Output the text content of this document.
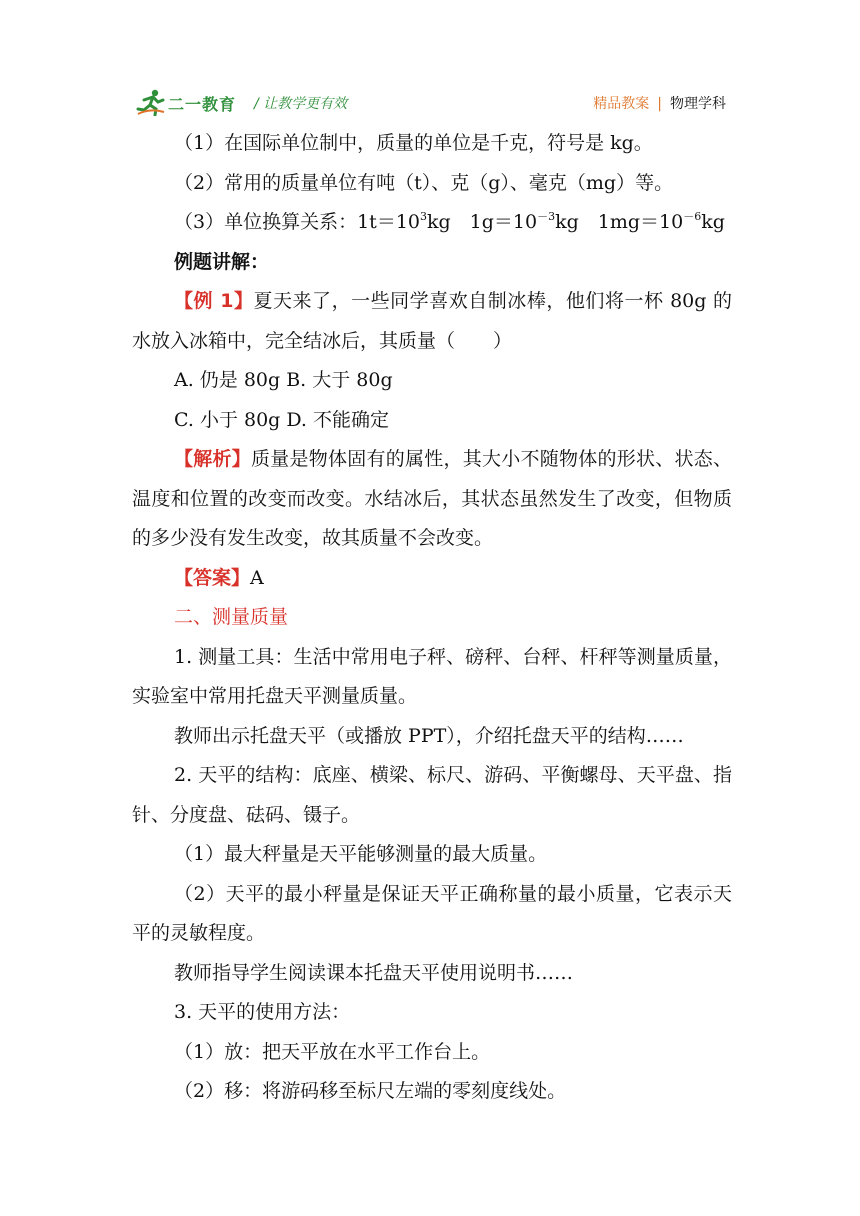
二一教育 / 让教学更有效	精品教案 | 物理学科

（1）在国际单位制中，质量的单位是千克，符号是 kg。

（2）常用的质量单位有吨（t）、克（g）、毫克（mg）等。

（3）单位换算关系：$1t=10^3kg$　$1g=10^{-3}kg$　$1mg=10^{-6}kg$

例题讲解：

【例 1】夏天来了，一些同学喜欢自制冰棒，他们将一杯 80g 的水放入冰箱中，完全结冰后，其质量（　　）

A. 仍是 80g B. 大于 80g

C. 小于 80g D. 不能确定

【解析】质量是物体固有的属性，其大小不随物体的形状、状态、温度和位置的改变而改变。水结冰后，其状态虽然发生了改变，但物质的多少没有发生改变，故其质量不会改变。

【答案】A

二、测量质量

1. 测量工具：生活中常用电子秤、磅秤、台秤、杆秤等测量质量，实验室中常用托盘天平测量质量。

教师出示托盘天平（或播放 PPT），介绍托盘天平的结构……

2. 天平的结构：底座、横梁、标尺、游码、平衡螺母、天平盘、指针、分度盘、砝码、镊子。

（1）最大秤量是天平能够测量的最大质量。

（2）天平的最小秤量是保证天平正确称量的最小质量，它表示天平的灵敏程度。

教师指导学生阅读课本托盘天平使用说明书……

3. 天平的使用方法：

（1）放：把天平放在水平工作台上。

（2）移：将游码移至标尺左端的零刻度线处。
